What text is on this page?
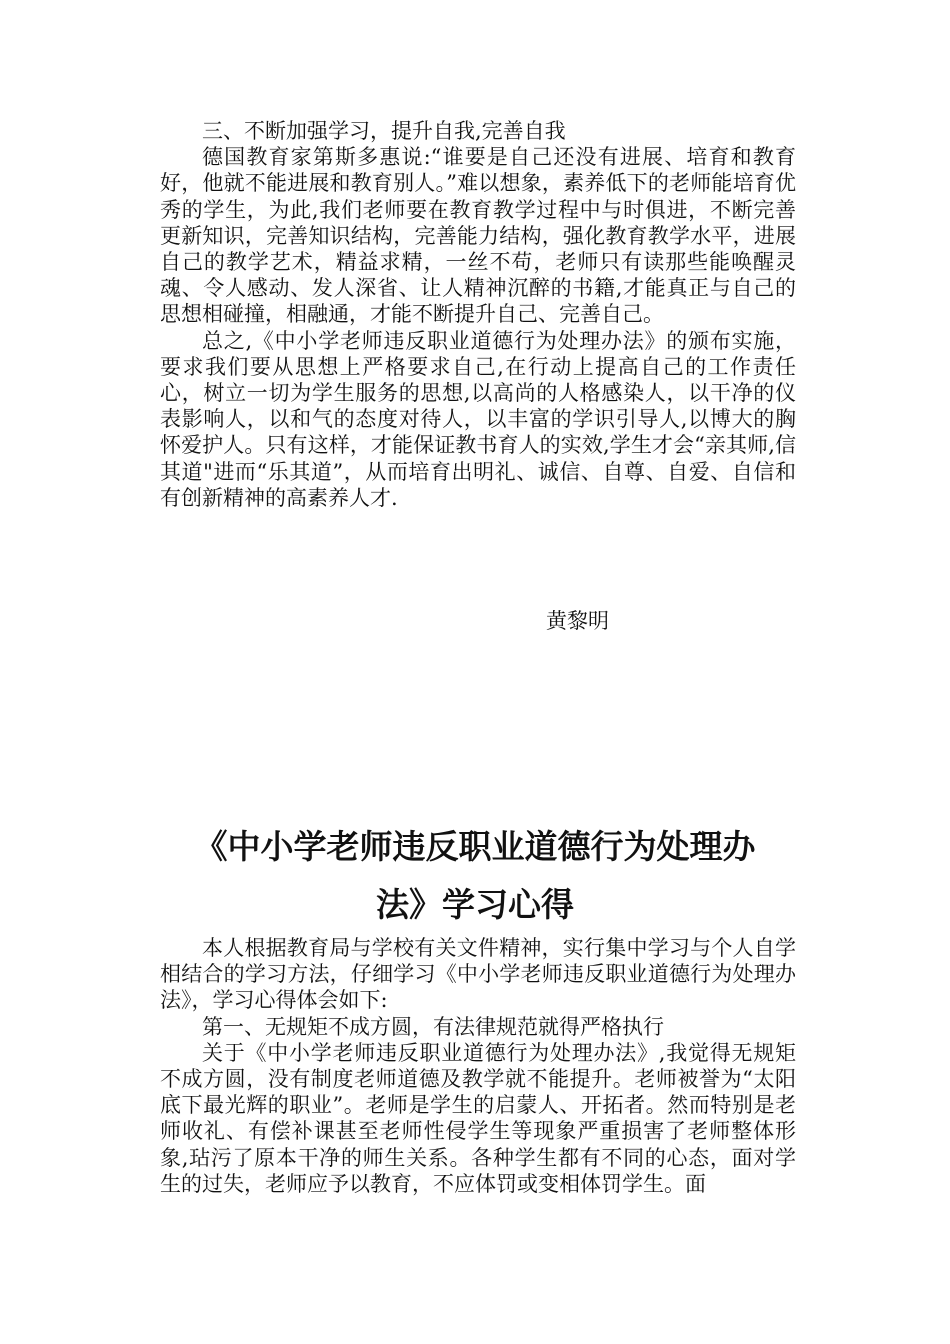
三、不断加强学习，提升自我,完善自我

德国教育家第斯多惠说:“谁要是自己还没有进展、培育和教育好，他就不能进展和教育别人。”难以想象，素养低下的老师能培育优秀的学生，为此,我们老师要在教育教学过程中与时俱进，不断完善更新知识，完善知识结构，完善能力结构，强化教育教学水平，进展自己的教学艺术，精益求精，一丝不苟，老师只有读那些能唤醒灵魂、令人感动、发人深省、让人精神沉醉的书籍,才能真正与自己的思想相碰撞，相融通，才能不断提升自己、完善自己。

总之,《中小学老师违反职业道德行为处理办法》的颁布实施，要求我们要从思想上严格要求自己,在行动上提高自己的工作责任心，树立一切为学生服务的思想,以高尚的人格感染人，以干净的仪表影响人，以和气的态度对待人，以丰富的学识引导人,以博大的胸怀爱护人。只有这样，才能保证教书育人的实效,学生才会“亲其师,信其道"进而“乐其道”，从而培育出明礼、诚信、自尊、自爱、自信和有创新精神的高素养人才.

黄黎明
《中小学老师违反职业道德行为处理办
法》学习心得

本人根据教育局与学校有关文件精神，实行集中学习与个人自学相结合的学习方法，仔细学习《中小学老师违反职业道德行为处理办法》，学习心得体会如下:

第一、无规矩不成方圆，有法律规范就得严格执行

关于《中小学老师违反职业道德行为处理办法》,我觉得无规矩不成方圆，没有制度老师道德及教学就不能提升。老师被誉为“太阳底下最光辉的职业”。老师是学生的启蒙人、开拓者。然而特别是老师收礼、有偿补课甚至老师性侵学生等现象严重损害了老师整体形象,玷污了原本干净的师生关系。各种学生都有不同的心态，面对学生的过失，老师应予以教育，不应体罚或变相体罚学生。面
